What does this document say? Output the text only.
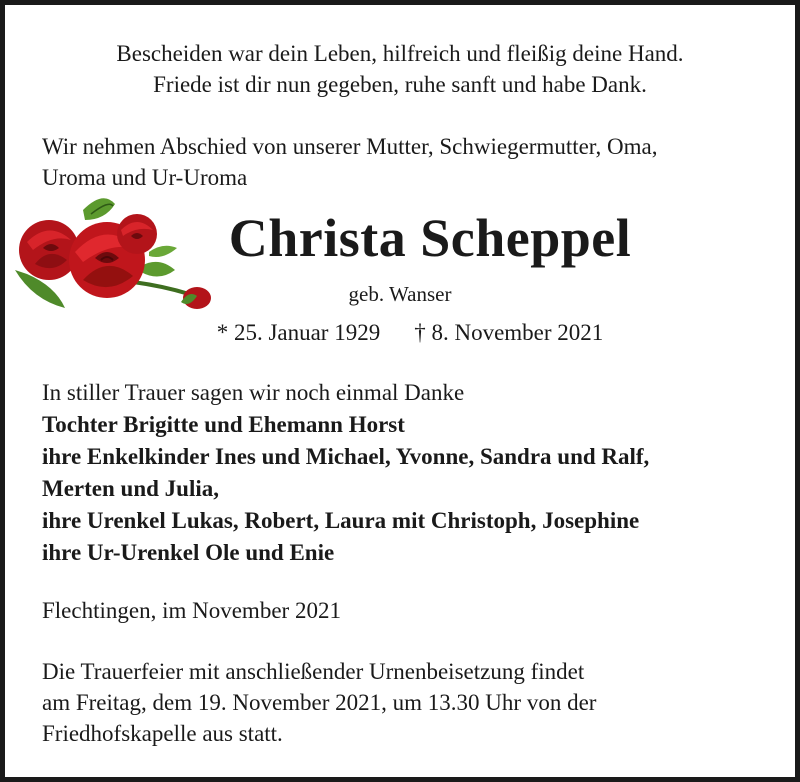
Bescheiden war dein Leben, hilfreich und fleißig deine Hand.
Friede ist dir nun gegeben, ruhe sanft und habe Dank.
Wir nehmen Abschied von unserer Mutter, Schwiegermutter, Oma,
Uroma und Ur-Uroma
Christa Scheppel
geb. Wanser
* 25. Januar 1929 † 8. November 2021
In stiller Trauer sagen wir noch einmal Danke
Tochter Brigitte und Ehemann Horst
ihre Enkelkinder Ines und Michael, Yvonne, Sandra und Ralf,
Merten und Julia,
ihre Urenkel Lukas, Robert, Laura mit Christoph, Josephine
ihre Ur-Urenkel Ole und Enie
Flechtingen, im November 2021
Die Trauerfeier mit anschließender Urnenbeisetzung findet
am Freitag, dem 19. November 2021, um 13.30 Uhr von der
Friedhofskapelle aus statt.
